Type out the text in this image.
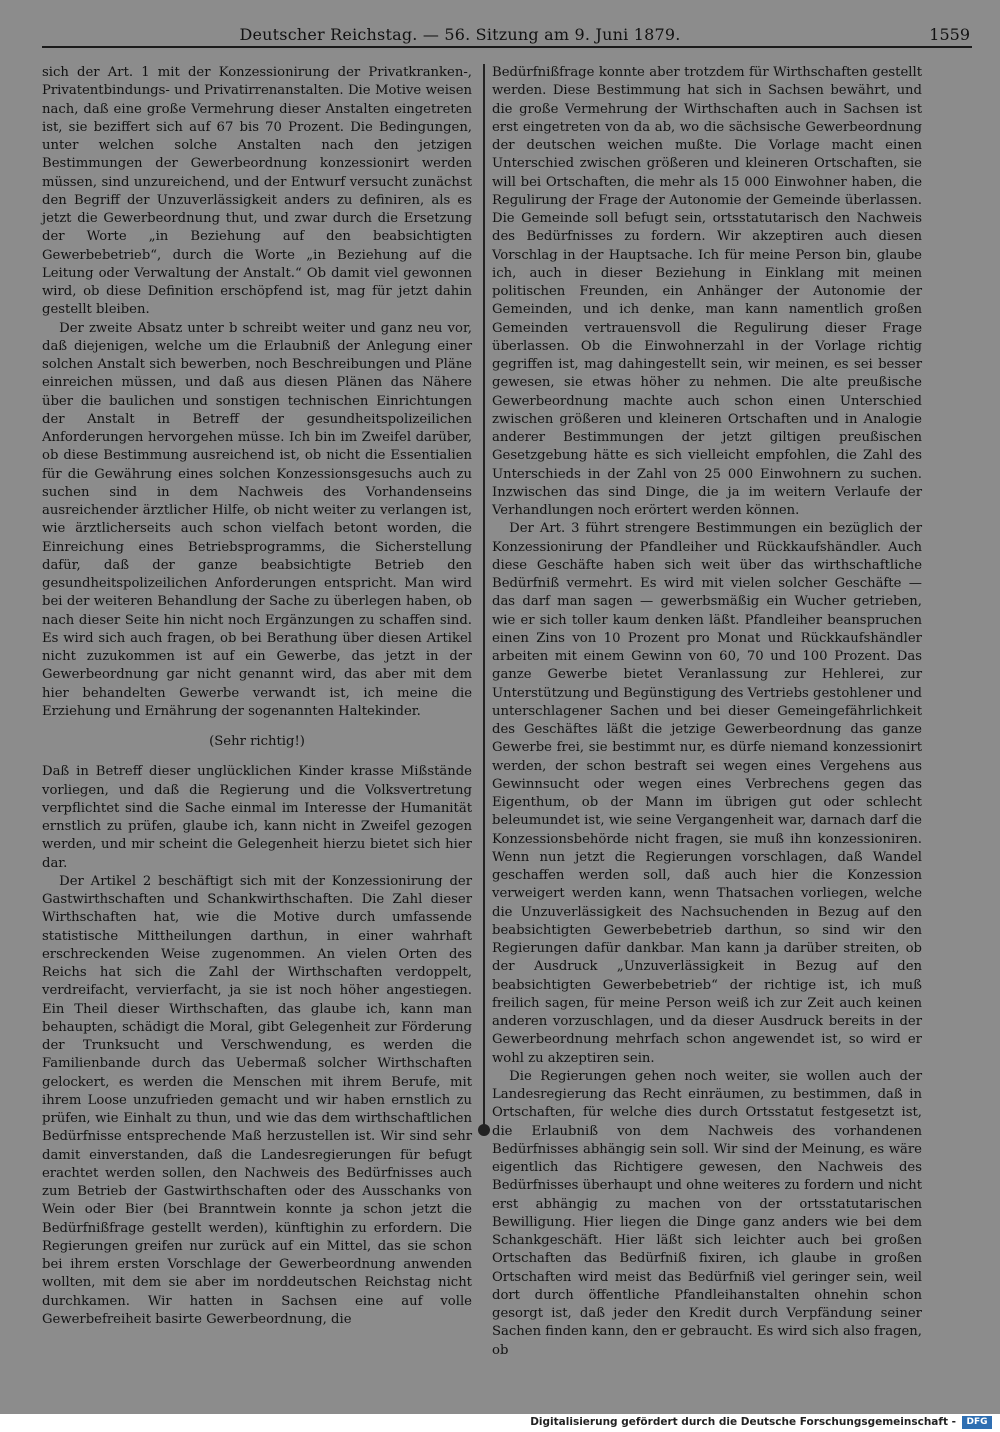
Deutscher Reichstag. — 56. Sitzung am 9. Juni 1879.	1559

sich der Art. 1 mit der Konzessionirung der Privatkranken-, Privatentbindungs- und Privatirrenanstalten. Die Motive weisen nach, daß eine große Vermehrung dieser Anstalten eingetreten ist, sie beziffert sich auf 67 bis 70 Prozent. Die Bedingungen, unter welchen solche Anstalten nach den jetzigen Bestimmungen der Gewerbeordnung konzessionirt werden müssen, sind unzureichend, und der Entwurf versucht zunächst den Begriff der Unzuverlässigkeit anders zu definiren, als es jetzt die Gewerbeordnung thut, und zwar durch die Ersetzung der Worte „in Beziehung auf den beabsichtigten Gewerbebetrieb“, durch die Worte „in Beziehung auf die Leitung oder Verwaltung der Anstalt.“ Ob damit viel gewonnen wird, ob diese Definition erschöpfend ist, mag für jetzt dahin gestellt bleiben.

Der zweite Absatz unter b schreibt weiter und ganz neu vor, daß diejenigen, welche um die Erlaubniß der Anlegung einer solchen Anstalt sich bewerben, noch Beschreibungen und Pläne einreichen müssen, und daß aus diesen Plänen das Nähere über die baulichen und sonstigen technischen Einrichtungen der Anstalt in Betreff der gesundheitspolizeilichen Anforderungen hervorgehen müsse. Ich bin im Zweifel darüber, ob diese Bestimmung ausreichend ist, ob nicht die Essentialien für die Gewährung eines solchen Konzessionsgesuchs auch zu suchen sind in dem Nachweis des Vorhandenseins ausreichender ärztlicher Hilfe, ob nicht weiter zu verlangen ist, wie ärztlicherseits auch schon vielfach betont worden, die Einreichung eines Betriebsprogramms, die Sicherstellung dafür, daß der ganze beabsichtigte Betrieb den gesundheitspolizeilichen Anforderungen entspricht. Man wird bei der weiteren Behandlung der Sache zu überlegen haben, ob nach dieser Seite hin nicht noch Ergänzungen zu schaffen sind. Es wird sich auch fragen, ob bei Berathung über diesen Artikel nicht zuzukommen ist auf ein Gewerbe, das jetzt in der Gewerbeordnung gar nicht genannt wird, das aber mit dem hier behandelten Gewerbe verwandt ist, ich meine die Erziehung und Ernährung der sogenannten Haltekinder.

(Sehr richtig!)

Daß in Betreff dieser unglücklichen Kinder krasse Mißstände vorliegen, und daß die Regierung und die Volksvertretung verpflichtet sind die Sache einmal im Interesse der Humanität ernstlich zu prüfen, glaube ich, kann nicht in Zweifel gezogen werden, und mir scheint die Gelegenheit hierzu bietet sich hier dar.

Der Artikel 2 beschäftigt sich mit der Konzessionirung der Gastwirthschaften und Schankwirthschaften. Die Zahl dieser Wirthschaften hat, wie die Motive durch umfassende statistische Mittheilungen darthun, in einer wahrhaft erschreckenden Weise zugenommen. An vielen Orten des Reichs hat sich die Zahl der Wirthschaften verdoppelt, verdreifacht, vervierfacht, ja sie ist noch höher angestiegen. Ein Theil dieser Wirthschaften, das glaube ich, kann man behaupten, schädigt die Moral, gibt Gelegenheit zur Förderung der Trunksucht und Verschwendung, es werden die Familienbande durch das Uebermaß solcher Wirthschaften gelockert, es werden die Menschen mit ihrem Berufe, mit ihrem Loose unzufrieden gemacht und wir haben ernstlich zu prüfen, wie Einhalt zu thun, und wie das dem wirthschaftlichen Bedürfnisse entsprechende Maß herzustellen ist. Wir sind sehr damit einverstanden, daß die Landesregierungen für befugt erachtet werden sollen, den Nachweis des Bedürfnisses auch zum Betrieb der Gastwirthschaften oder des Ausschanks von Wein oder Bier (bei Branntwein konnte ja schon jetzt die Bedürfnißfrage gestellt werden), künftighin zu erfordern. Die Regierungen greifen nur zurück auf ein Mittel, das sie schon bei ihrem ersten Vorschlage der Gewerbeordnung anwenden wollten, mit dem sie aber im norddeutschen Reichstag nicht durchkamen. Wir hatten in Sachsen eine auf volle Gewerbefreiheit basirte Gewerbeordnung, die

Bedürfnißfrage konnte aber trotzdem für Wirthschaften gestellt werden. Diese Bestimmung hat sich in Sachsen bewährt, und die große Vermehrung der Wirthschaften auch in Sachsen ist erst eingetreten von da ab, wo die sächsische Gewerbeordnung der deutschen weichen mußte. Die Vorlage macht einen Unterschied zwischen größeren und kleineren Ortschaften, sie will bei Ortschaften, die mehr als 15 000 Einwohner haben, die Regulirung der Frage der Autonomie der Gemeinde überlassen. Die Gemeinde soll befugt sein, ortsstatutarisch den Nachweis des Bedürfnisses zu fordern. Wir akzeptiren auch diesen Vorschlag in der Hauptsache. Ich für meine Person bin, glaube ich, auch in dieser Beziehung in Einklang mit meinen politischen Freunden, ein Anhänger der Autonomie der Gemeinden, und ich denke, man kann namentlich großen Gemeinden vertrauensvoll die Regulirung dieser Frage überlassen. Ob die Einwohnerzahl in der Vorlage richtig gegriffen ist, mag dahingestellt sein, wir meinen, es sei besser gewesen, sie etwas höher zu nehmen. Die alte preußische Gewerbeordnung machte auch schon einen Unterschied zwischen größeren und kleineren Ortschaften und in Analogie anderer Bestimmungen der jetzt giltigen preußischen Gesetzgebung hätte es sich vielleicht empfohlen, die Zahl des Unterschieds in der Zahl von 25 000 Einwohnern zu suchen. Inzwischen das sind Dinge, die ja im weitern Verlaufe der Verhandlungen noch erörtert werden können.

Der Art. 3 führt strengere Bestimmungen ein bezüglich der Konzessionirung der Pfandleiher und Rückkaufshändler. Auch diese Geschäfte haben sich weit über das wirthschaftliche Bedürfniß vermehrt. Es wird mit vielen solcher Geschäfte — das darf man sagen — gewerbsmäßig ein Wucher getrieben, wie er sich toller kaum denken läßt. Pfandleiher beanspruchen einen Zins von 10 Prozent pro Monat und Rückkaufshändler arbeiten mit einem Gewinn von 60, 70 und 100 Prozent. Das ganze Gewerbe bietet Veranlassung zur Hehlerei, zur Unterstützung und Begünstigung des Vertriebs gestohlener und unterschlagener Sachen und bei dieser Gemeingefährlichkeit des Geschäftes läßt die jetzige Gewerbeordnung das ganze Gewerbe frei, sie bestimmt nur, es dürfe niemand konzessionirt werden, der schon bestraft sei wegen eines Vergehens aus Gewinnsucht oder wegen eines Verbrechens gegen das Eigenthum, ob der Mann im übrigen gut oder schlecht beleumundet ist, wie seine Vergangenheit war, darnach darf die Konzessionsbehörde nicht fragen, sie muß ihn konzessioniren. Wenn nun jetzt die Regierungen vorschlagen, daß Wandel geschaffen werden soll, daß auch hier die Konzession verweigert werden kann, wenn Thatsachen vorliegen, welche die Unzuverlässigkeit des Nachsuchenden in Bezug auf den beabsichtigten Gewerbebetrieb darthun, so sind wir den Regierungen dafür dankbar. Man kann ja darüber streiten, ob der Ausdruck „Unzuverlässigkeit in Bezug auf den beabsichtigten Gewerbebetrieb“ der richtige ist, ich muß freilich sagen, für meine Person weiß ich zur Zeit auch keinen anderen vorzuschlagen, und da dieser Ausdruck bereits in der Gewerbeordnung mehrfach schon angewendet ist, so wird er wohl zu akzeptiren sein.

Die Regierungen gehen noch weiter, sie wollen auch der Landesregierung das Recht einräumen, zu bestimmen, daß in Ortschaften, für welche dies durch Ortsstatut festgesetzt ist, die Erlaubniß von dem Nachweis des vorhandenen Bedürfnisses abhängig sein soll. Wir sind der Meinung, es wäre eigentlich das Richtigere gewesen, den Nachweis des Bedürfnisses überhaupt und ohne weiteres zu fordern und nicht erst abhängig zu machen von der ortsstatutarischen Bewilligung. Hier liegen die Dinge ganz anders wie bei dem Schankgeschäft. Hier läßt sich leichter auch bei großen Ortschaften das Bedürfniß fixiren, ich glaube in großen Ortschaften wird meist das Bedürfniß viel geringer sein, weil dort durch öffentliche Pfandleihanstalten ohnehin schon gesorgt ist, daß jeder den Kredit durch Verpfändung seiner Sachen finden kann, den er gebraucht. Es wird sich also fragen, ob

Digitalisierung gefördert durch die Deutsche Forschungsgemeinschaft -	DFG
